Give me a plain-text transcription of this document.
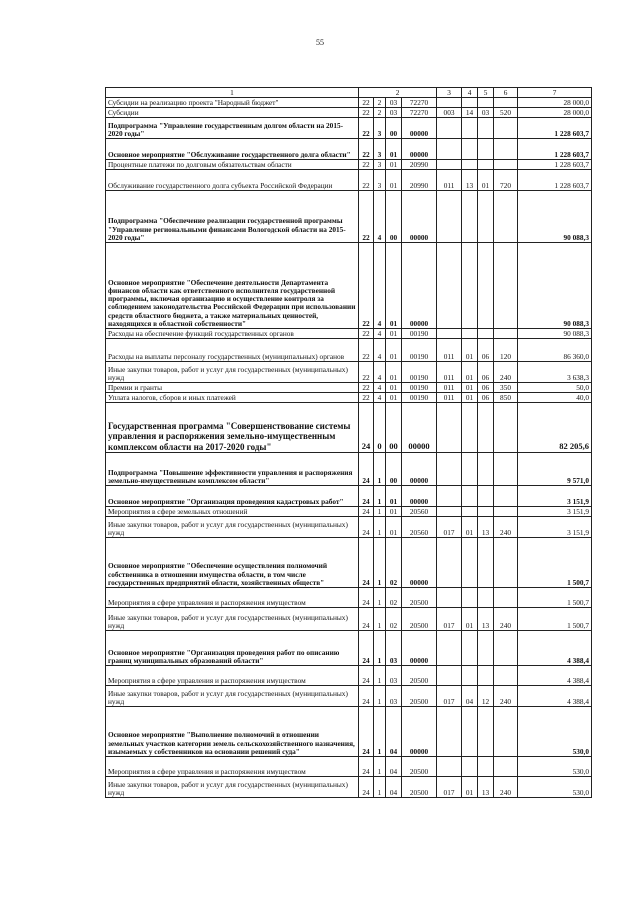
55
1	2				3	4	5	6	7
Субсидии на реализацию проекта "Народный бюджет"	22	2	03	72270					28 000,0
Субсидии	22	2	03	72270	003	14	03	520	28 000,0
Подпрограмма "Управление государственным долгом области на 2015-2020 годы"	22	3	00	00000					1 228 603,7
Основное мероприятие "Обслуживание государственного долга области"	22	3	01	00000					1 228 603,7
Процентные платежи по долговым обязательствам области	22	3	01	20990					1 228 603,7
Обслуживание государственного долга субъекта Российской Федерации	22	3	01	20990	011	13	01	720	1 228 603,7
Подпрограмма "Обеспечение реализации государственной программы "Управление региональными финансами Вологодской области на 2015-2020 годы"	22	4	00	00000					90 088,3
Основное мероприятие "Обеспечение деятельности Департамента финансов области как ответственного исполнителя государственной программы, включая организацию и осуществление контроля за соблюдением законодательства Российской Федерации при использовании средств областного бюджета, а также материальных ценностей, находящихся в областной собственности"	22	4	01	00000					90 088,3
Расходы на обеспечение функций государственных органов	22	4	01	00190					90 088,3
Расходы на выплаты персоналу государственных (муниципальных) органов	22	4	01	00190	011	01	06	120	86 360,0
Иные закупки товаров, работ и услуг для государственных (муниципальных) нужд	22	4	01	00190	011	01	06	240	3 638,3
Премии и гранты	22	4	01	00190	011	01	06	350	50,0
Уплата налогов, сборов и иных платежей	22	4	01	00190	011	01	06	850	40,0
Государственная программа "Совершенствование системы управления и распоряжения земельно-имущественным комплексом области на 2017-2020 годы"	24	0	00	00000					82 205,6
Подпрограмма "Повышение эффективности управления и распоряжения земельно-имущественным комплексом области"	24	1	00	00000					9 571,0
Основное мероприятие "Организация проведения кадастровых работ"	24	1	01	00000					3 151,9
Мероприятия в сфере земельных отношений	24	1	01	20560					3 151,9
Иные закупки товаров, работ и услуг для государственных (муниципальных) нужд	24	1	01	20560	017	01	13	240	3 151,9
Основное мероприятие "Обеспечение осуществления полномочий собственника в отношении имущества области, в том числе государственных предприятий области, хозяйственных обществ"	24	1	02	00000					1 500,7
Мероприятия в сфере управления и распоряжения имуществом	24	1	02	20500					1 500,7
Иные закупки товаров, работ и услуг для государственных (муниципальных) нужд	24	1	02	20500	017	01	13	240	1 500,7
Основное мероприятие "Организация проведения работ по описанию границ муниципальных образований области"	24	1	03	00000					4 388,4
Мероприятия в сфере управления и распоряжения имуществом	24	1	03	20500					4 388,4
Иные закупки товаров, работ и услуг для государственных (муниципальных) нужд	24	1	03	20500	017	04	12	240	4 388,4
Основное мероприятие "Выполнение полномочий в отношении земельных участков категории земель сельскохозяйственного назначения, изымаемых у собственников на основании решений суда"	24	1	04	00000					530,0
Мероприятия в сфере управления и распоряжения имуществом	24	1	04	20500					530,0
Иные закупки товаров, работ и услуг для государственных (муниципальных) нужд	24	1	04	20500	017	01	13	240	530,0
